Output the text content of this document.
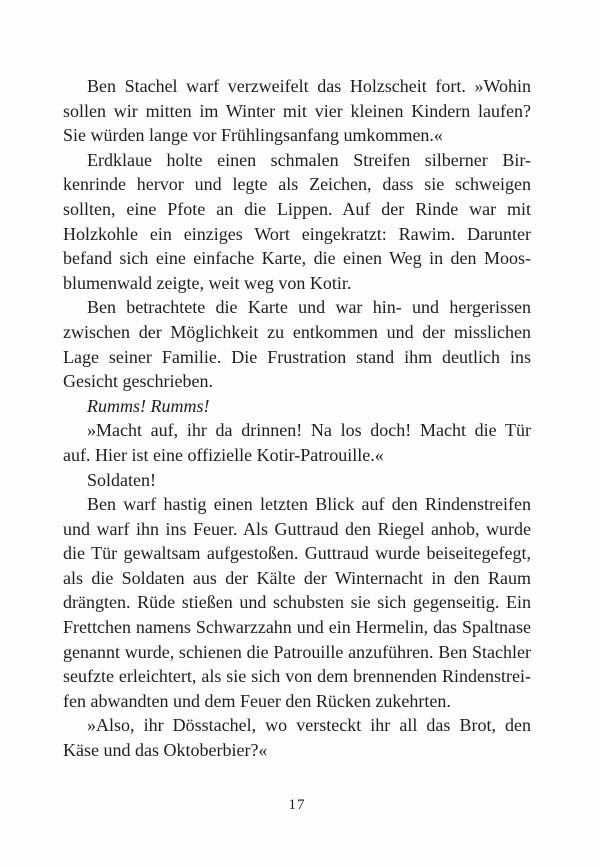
Ben Stachel warf verzweifelt das Holzscheit fort. »Wohin
sollen wir mitten im Winter mit vier kleinen Kindern laufen?
Sie würden lange vor Frühlingsanfang umkommen.«
Erdklaue holte einen schmalen Streifen silberner Bir-
kenrinde hervor und legte als Zeichen, dass sie schweigen
sollten, eine Pfote an die Lippen. Auf der Rinde war mit
Holzkohle ein einziges Wort eingekratzt: Rawim. Darunter
befand sich eine einfache Karte, die einen Weg in den Moos-
blumenwald zeigte, weit weg von Kotir.
Ben betrachtete die Karte und war hin- und hergerissen
zwischen der Möglichkeit zu entkommen und der misslichen
Lage seiner Familie. Die Frustration stand ihm deutlich ins
Gesicht geschrieben.
Rumms! Rumms!
»Macht auf, ihr da drinnen! Na los doch! Macht die Tür
auf. Hier ist eine offizielle Kotir-Patrouille.«
Soldaten!
Ben warf hastig einen letzten Blick auf den Rindenstreifen
und warf ihn ins Feuer. Als Guttraud den Riegel anhob, wurde
die Tür gewaltsam aufgestoßen. Guttraud wurde beiseitegefegt,
als die Soldaten aus der Kälte der Winternacht in den Raum
drängten. Rüde stießen und schubsten sie sich gegenseitig. Ein
Frettchen namens Schwarzzahn und ein Hermelin, das Spaltnase
genannt wurde, schienen die Patrouille anzuführen. Ben Stachler
seufzte erleichtert, als sie sich von dem brennenden Rindenstrei-
fen abwandten und dem Feuer den Rücken zukehrten.
»Also, ihr Dösstachel, wo versteckt ihr all das Brot, den
Käse und das Oktoberbier?«
17
